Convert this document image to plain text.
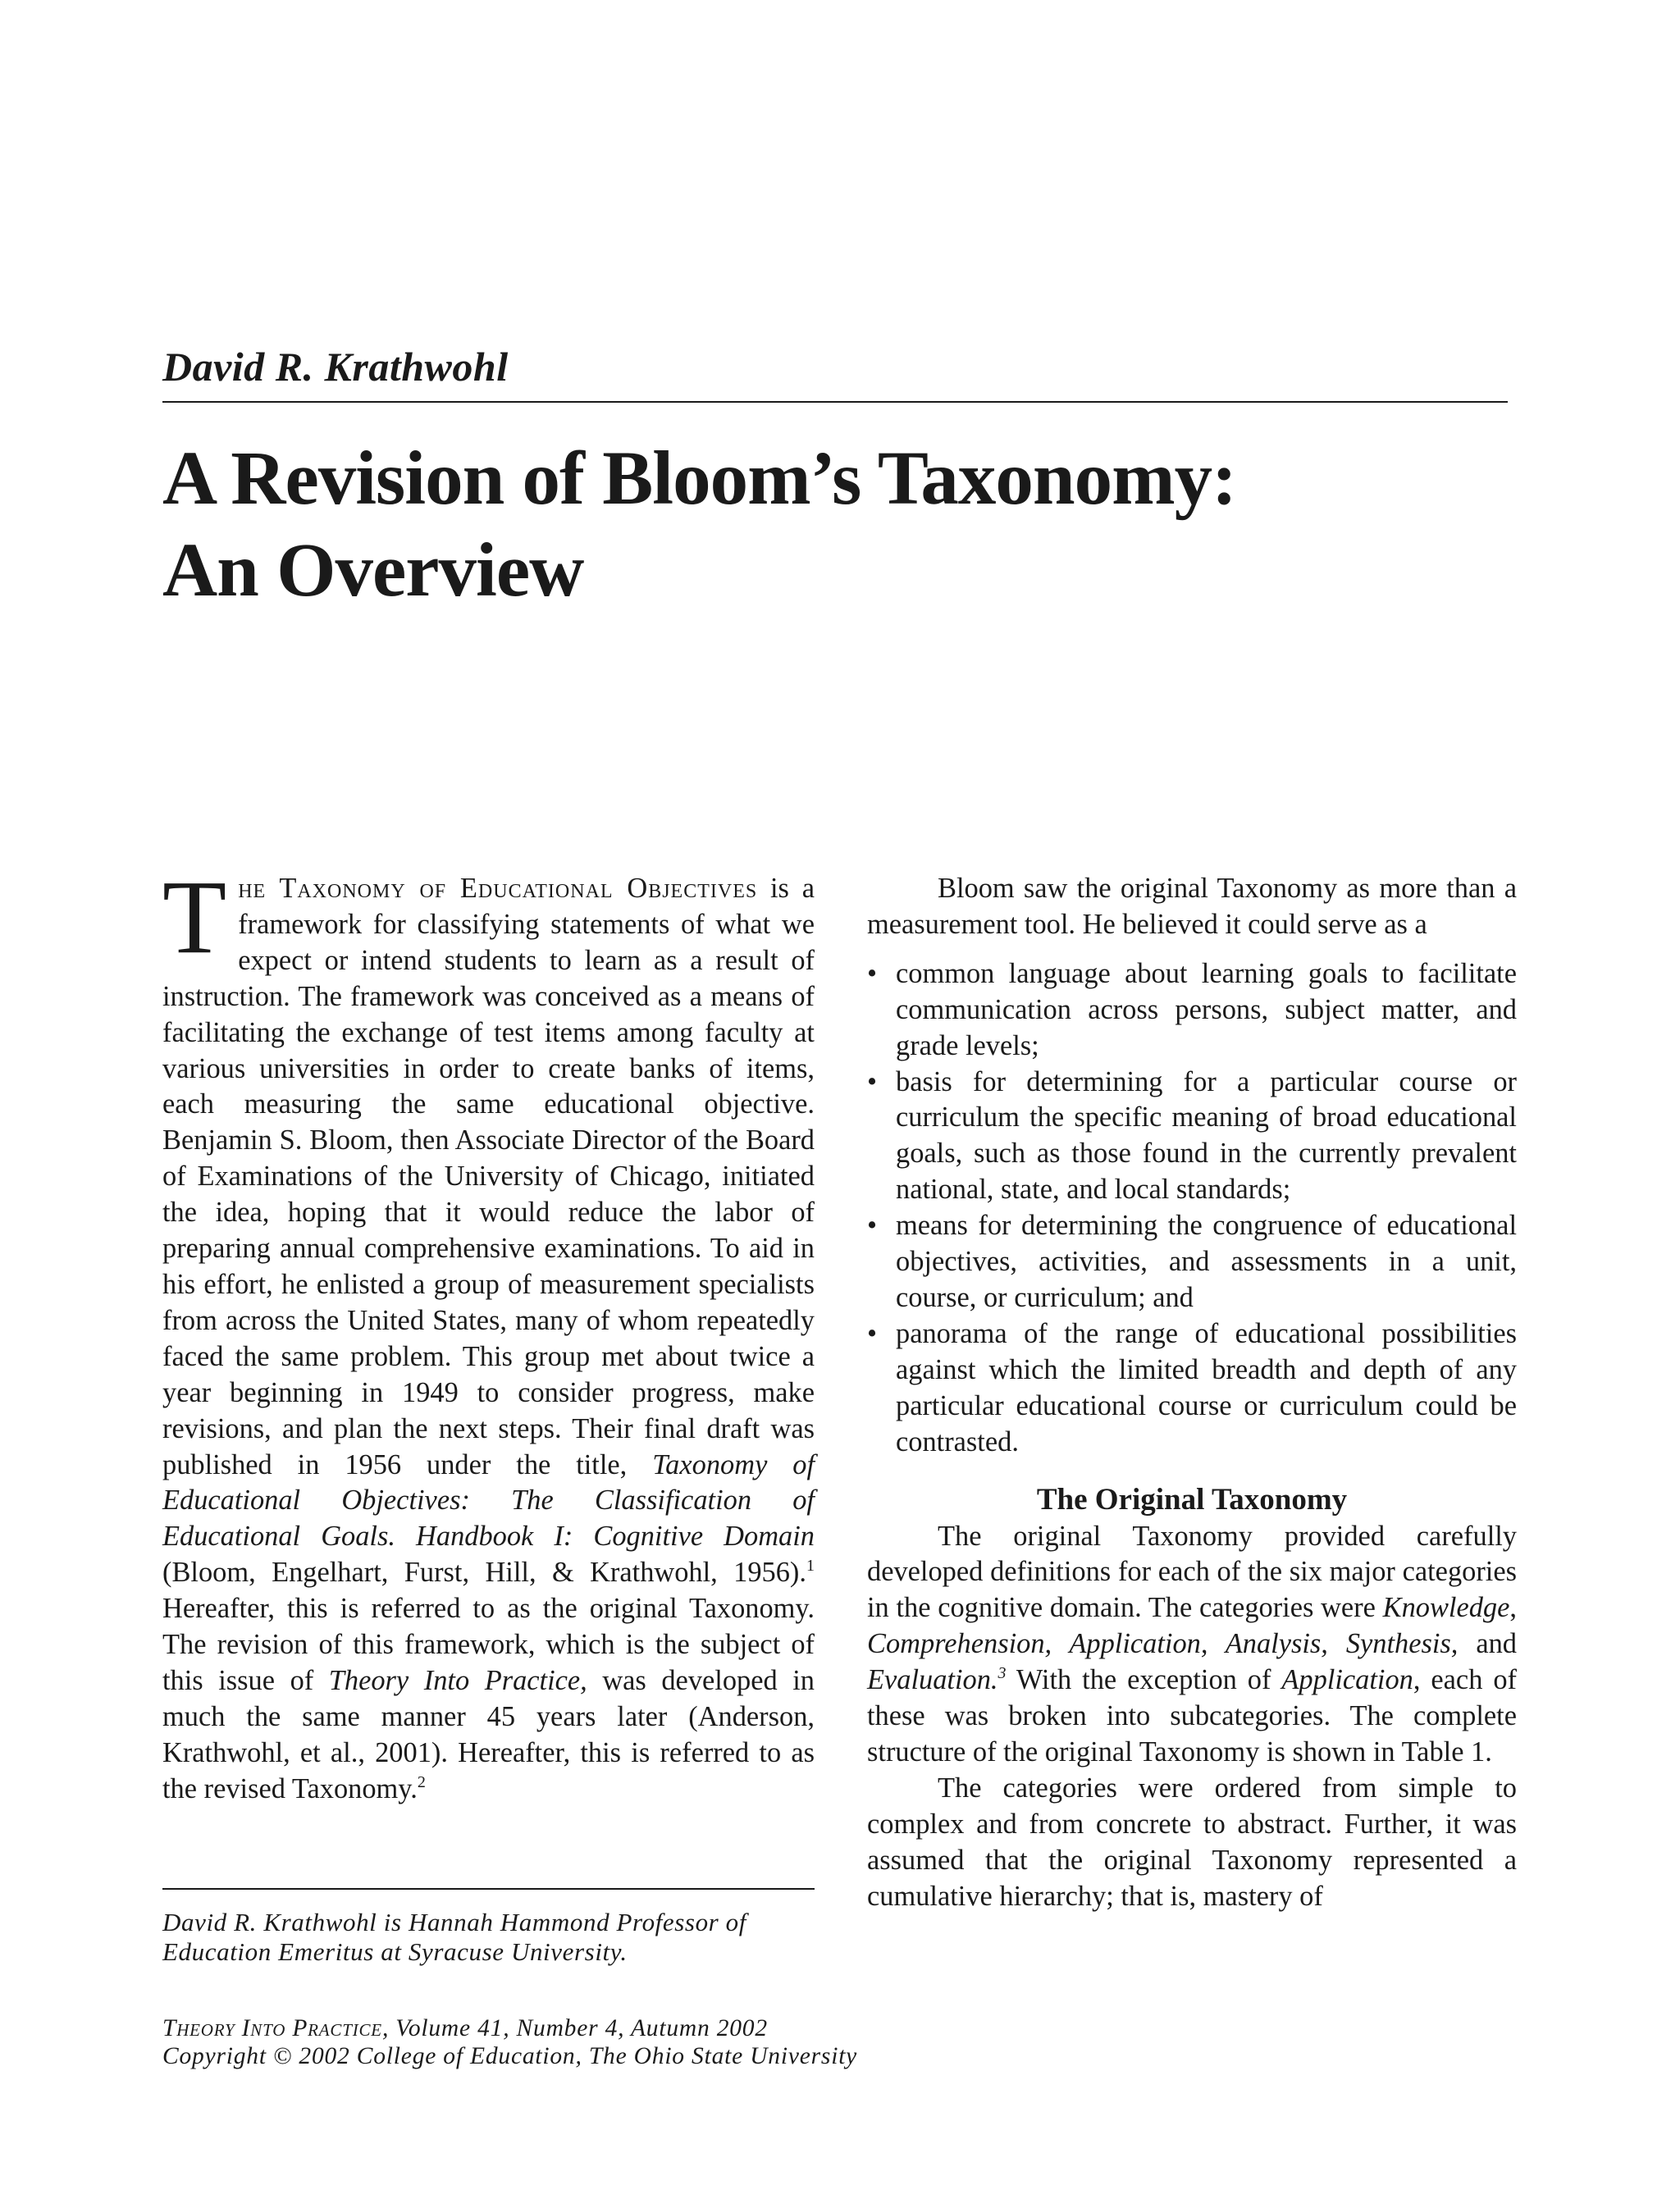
David R. Krathwohl
A Revision of Bloom’s Taxonomy:
An Overview

The Taxonomy of Educational Objectives is a framework for classifying statements of what we expect or intend students to learn as a result of instruction. The framework was conceived as a means of facilitating the exchange of test items among faculty at various universities in order to create banks of items, each measuring the same educational objective. Benjamin S. Bloom, then Associate Director of the Board of Examinations of the University of Chicago, initiated the idea, hoping that it would reduce the labor of preparing annual comprehensive examinations. To aid in his effort, he enlisted a group of measurement specialists from across the United States, many of whom repeatedly faced the same problem. This group met about twice a year beginning in 1949 to consider progress, make revisions, and plan the next steps. Their final draft was published in 1956 under the title, Taxonomy of Educational Objectives: The Classification of Educational Goals. Handbook I: Cognitive Domain (Bloom, Engelhart, Furst, Hill, & Krathwohl, 1956).$^1$ Hereafter, this is referred to as the original Taxonomy. The revision of this framework, which is the subject of this issue of Theory Into Practice, was developed in much the same manner 45 years later (Anderson, Krathwohl, et al., 2001). Hereafter, this is referred to as the revised Taxonomy.$^2$

Bloom saw the original Taxonomy as more than a measurement tool. He believed it could serve as a

• common language about learning goals to facilitate communication across persons, subject matter, and grade levels;
• basis for determining for a particular course or curriculum the specific meaning of broad educational goals, such as those found in the currently prevalent national, state, and local standards;
• means for determining the congruence of educational objectives, activities, and assessments in a unit, course, or curriculum; and
• panorama of the range of educational possibilities against which the limited breadth and depth of any particular educational course or curriculum could be contrasted.
The Original Taxonomy

The original Taxonomy provided carefully developed definitions for each of the six major categories in the cognitive domain. The categories were Knowledge, Comprehension, Application, Analysis, Synthesis, and Evaluation.$^3$ With the exception of Application, each of these was broken into subcategories. The complete structure of the original Taxonomy is shown in Table 1.

The categories were ordered from simple to complex and from concrete to abstract. Further, it was assumed that the original Taxonomy represented a cumulative hierarchy; that is, mastery of

David R. Krathwohl is Hannah Hammond Professor of Education Emeritus at Syracuse University.
Theory Into Practice, Volume 41, Number 4, Autumn 2002
Copyright © 2002 College of Education, The Ohio State University
